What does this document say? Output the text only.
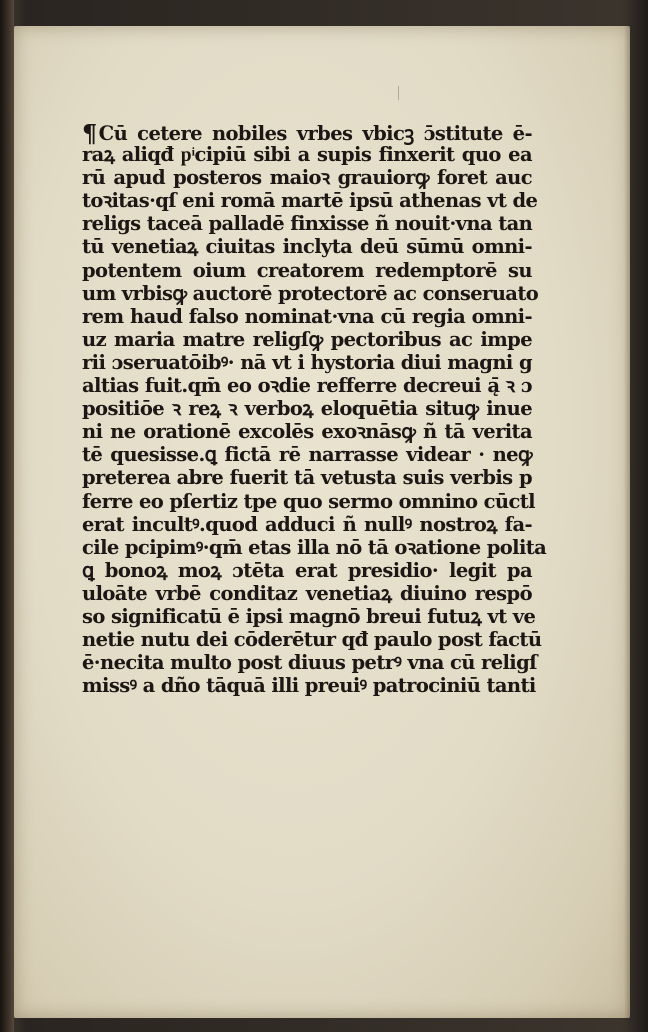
¶ Cū cetere nobiles vrbes vbicꝫ ɔ̄stitute ē-
raꝝ aliqđ pͥcipiū sibi a supis finxerit quo ea
rū apud posteros maioꝛ grauiorꝙ foret auc
toꝛitas·qſ eni romā martē ipsū athenas vt de
religs taceā palladē finxisse ñ nouit·vna tan
tū venetiaꝝ ciuitas inclyta deū sūmū omni-
potentem oium creatorem redemptorē su
um vrbisꝙ auctorē protectorē ac conseruato
rem haud falso nominat·vna cū regia omni-
uz maria matre religſꝙ pectoribus ac impe
rii ɔseruatōibꝰ· nā vt i hystoria diui magni g
altias fuit.qm̄ eo oꝛdie refferre decreui ą̄ ꝛ ɔ
positiōe ꝛ reꝝ ꝛ verboꝝ eloquētia situꝙ inue
ni ne orationē excolēs exoꝛnāsꝙ ñ tā verita
tē quesisse.ꝗ fictā rē narrasse videar · neꝙ
preterea abre fuerit tā vetusta suis verbis p
ferre eo pſertiz tpe quo sermo omnino cūctl
erat incultꝰ.quod adduci ñ nullꝰ nostroꝝ fa-
cile pcipimꝰ·qm̄ etas illa nō tā oꝛatione polita
ꝗ bonoꝝ moꝝ ɔtēta erat presidio· legit pa
uloāte vrbē conditaz venetiaꝝ diuino respō
so significatū ē ipsi magnō breui futuꝝ vt ve
netie nutu dei cōderētur qđ paulo post factū
ē·necita multo post diuus petrꝰ vna cū religſ
missꝰ a dño tāquā illi preuiꝰ patrociniū tanti
